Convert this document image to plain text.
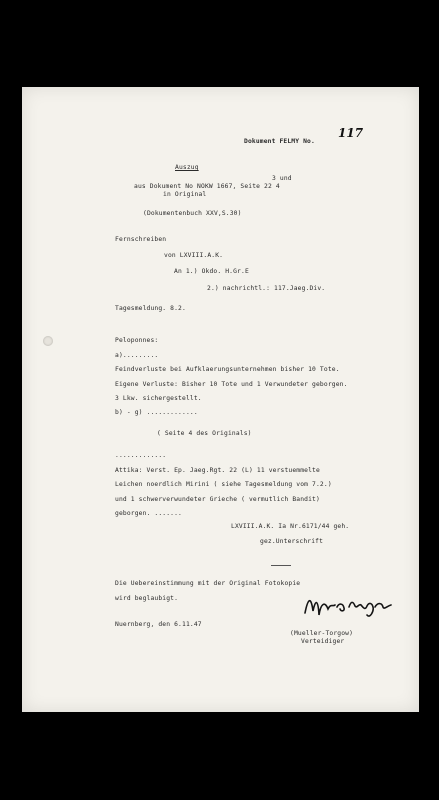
Dokument FELMY No.
117
Auszug
3 und
aus Dokument No NOKW 1667, Seite 22 4
in Original
(Dokumentenbuch XXV,S.30)
Fernschreiben
von LXVIII.A.K.
An 1.) Okdo. H.Gr.E
2.) nachrichtl.: 117.Jaeg.Div.
Tagesmeldung. 8.2.
Peloponnes:
a).........
Feindverluste bei Aufklaerungsunternehmen bisher 10 Tote.
Eigene Verluste: Bisher 10 Tote und 1 Verwundeter geborgen.
3 Lkw. sichergestellt.
b) - g) .............
( Seite 4 des Originals)
.............
Attika: Verst. Ep. Jaeg.Rgt. 22 (L) 11 verstuemmelte
Leichen noerdlich Mirini ( siehe Tagesmeldung vom 7.2.)
und 1 schwerverwundeter Grieche ( vermutlich Bandit)
geborgen. .......
LXVIII.A.K. Ia Nr.6171/44 geh.
gez.Unterschrift
Die Uebereinstimmung mit der Original Fotokopie
wird beglaubigt.
Nuernberg, den 6.11.47
(Mueller-Torgow)
Verteidiger
